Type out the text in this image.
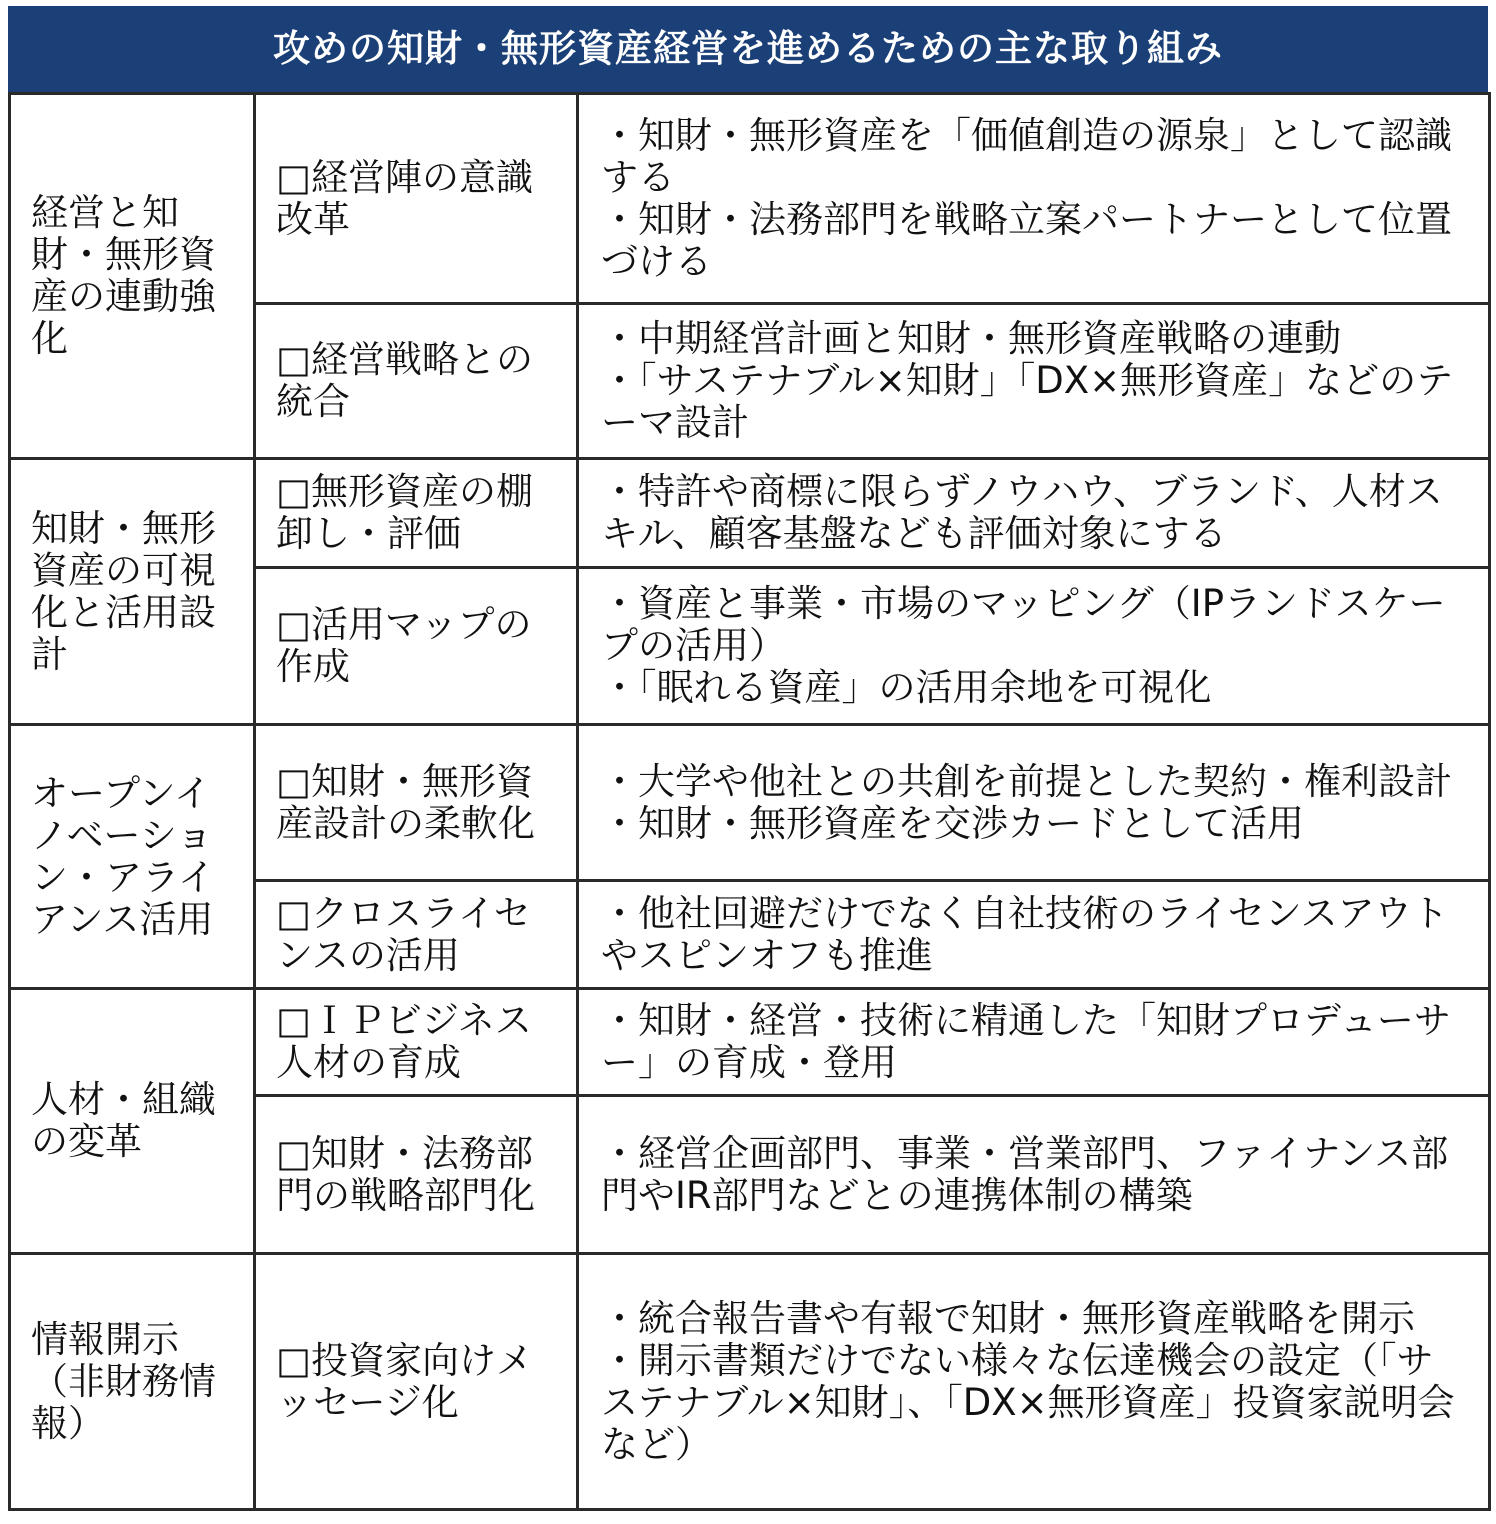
攻めの知財・無形資産経営を進めるための主な取り組み
経営と知財・無形資産の連動強化	□経営陣の意識改革	・知財・無形資産を「価値創造の源泉」として認識する
・知財・法務部門を戦略立案パートナーとして位置づける

	□経営戦略との統合	・中期経営計画と知財・無形資産戦略の連動
・「サステナブル×知財」「DX×無形資産」などのテーマ設計

知財・無形資産の可視化と活用設計	□無形資産の棚卸し・評価	・特許や商標に限らずノウハウ、ブランド、人材スキル、顧客基盤なども評価対象にする

	□活用マップの作成	・資産と事業・市場のマッピング（IPランドスケープの活用）
・「眠れる資産」の活用余地を可視化

オープンイノベーション・アライアンス活用	□知財・無形資産設計の柔軟化	・大学や他社との共創を前提とした契約・権利設計
・知財・無形資産を交渉カードとして活用

	□クロスライセンスの活用	・他社回避だけでなく自社技術のライセンスアウトやスピンオフも推進

人材・組織の変革	□ＩＰビジネス人材の育成	・知財・経営・技術に精通した「知財プロデューサー」の育成・登用

	□知財・法務部門の戦略部門化	・経営企画部門、事業・営業部門、ファイナンス部門やIR部門などとの連携体制の構築

情報開示（非財務情報）	□投資家向けメッセージ化	・統合報告書や有報で知財・無形資産戦略を開示
・開示書類だけでない様々な伝達機会の設定（「サステナブル×知財」、「DX×無形資産」投資家説明会など）
